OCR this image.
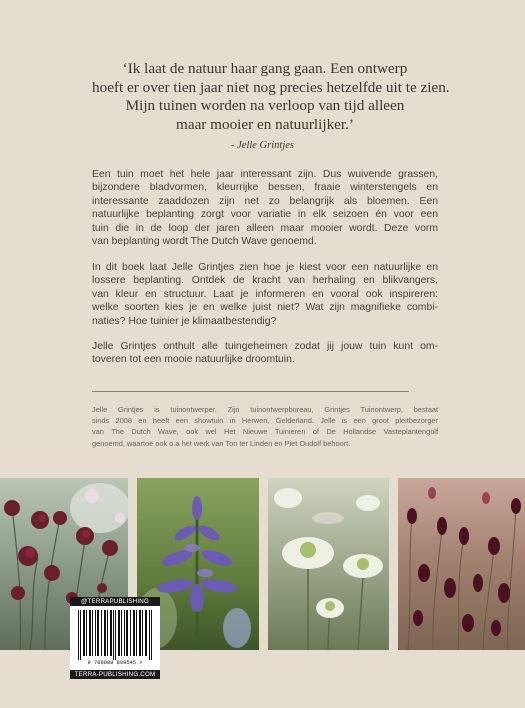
‘Ik laat de natuur haar gang gaan. Een ontwerp
hoeft er over tien jaar niet nog precies hetzelfde uit te zien.
Mijn tuinen worden na verloop van tijd alleen
maar mooier en natuurlijker.’
- Jelle Grintjes
Een tuin moet het hele jaar interessant zijn. Dus wuivende grassen,
bijzondere bladvormen, kleurrijke bessen, fraaie winterstengels en
interessante zaaddozen zijn net zo belangrijk als bloemen. Een
natuurlijke beplanting zorgt voor variatie in elk seizoen én voor een
tuin die in de loop der jaren alleen maar mooier wordt. Deze vorm
van beplanting wordt The Dutch Wave genoemd.
In dit boek laat Jelle Grintjes zien hoe je kiest voor een natuurlijke en
lossere beplanting. Ontdek de kracht van herhaling en blikvangers,
van kleur en structuur. Laat je informeren en vooral ook inspireren:
welke soorten kies je en welke juist niet? Wat zijn magnifieke combi-
naties? Hoe tuinier je klimaatbestendig?
Jelle Grintjes onthult alle tuingeheimen zodat jij jouw tuin kunt om-
toveren tot een mooie natuurlijke droomtuin.
Jelle Grintjes is tuinontwerper. Zijn tuinontwerpbureau, Grintjes Tuinontwerp, bestaat
sinds 2008 en heeft een showtuin in Herwen, Gelderland. Jelle is een groot pleitbezorger
van The Dutch Wave, ook wel Het Nieuwe Tuinieren of De Hollandse Vasteplantengolf
genoemd, waartoe ook o.a het werk van Ton ter Linden en Piet Oudolf behoort.
@TERRAPUBLISHING
9 789089 899545 >
TERRA-PUBLISHING.COM
